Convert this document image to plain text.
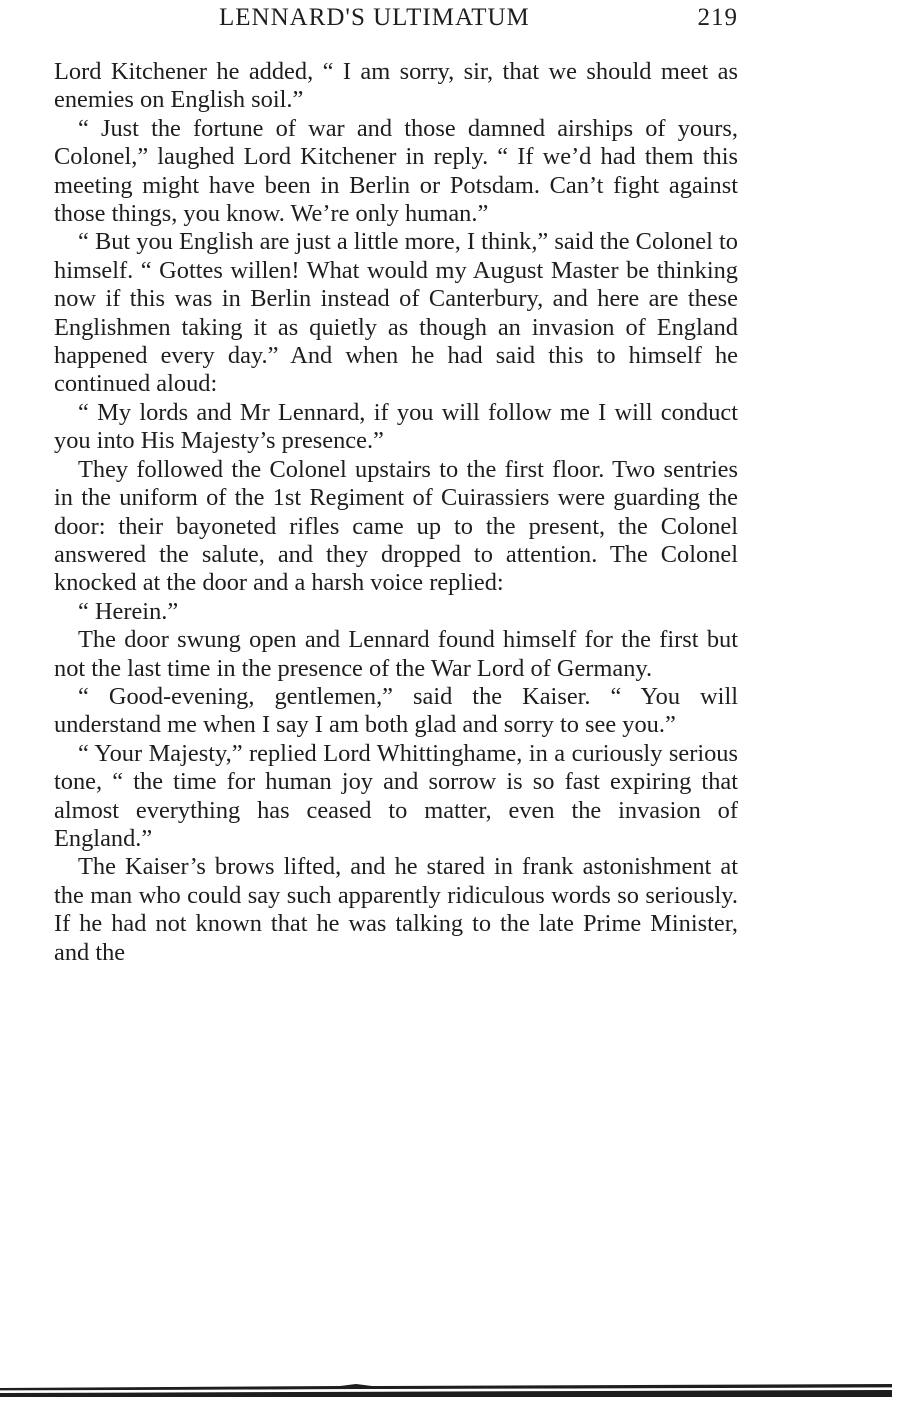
LENNARD'S ULTIMATUM	219

Lord Kitchener he added, “ I am sorry, sir, that we should meet as enemies on English soil.”

“ Just the fortune of war and those damned airships of yours, Colonel,” laughed Lord Kitchener in reply. “ If we’d had them this meeting might have been in Berlin or Potsdam. Can’t fight against those things, you know. We’re only human.”

“ But you English are just a little more, I think,” said the Colonel to himself. “ Gottes willen! What would my August Master be thinking now if this was in Berlin instead of Canterbury, and here are these Englishmen taking it as quietly as though an invasion of England happened every day.” And when he had said this to himself he continued aloud:

“ My lords and Mr Lennard, if you will follow me I will conduct you into His Majesty’s presence.”

They followed the Colonel upstairs to the first floor. Two sentries in the uniform of the 1st Regiment of Cuirassiers were guarding the door: their bayoneted rifles came up to the present, the Colonel answered the salute, and they dropped to attention. The Colonel knocked at the door and a harsh voice replied:

“ Herein.”

The door swung open and Lennard found himself for the first but not the last time in the presence of the War Lord of Germany.

“ Good-evening, gentlemen,” said the Kaiser. “ You will understand me when I say I am both glad and sorry to see you.”

“ Your Majesty,” replied Lord Whittinghame, in a curiously serious tone, “ the time for human joy and sorrow is so fast expiring that almost everything has ceased to matter, even the invasion of England.”

The Kaiser’s brows lifted, and he stared in frank astonishment at the man who could say such apparently ridiculous words so seriously. If he had not known that he was talking to the late Prime Minister, and the
